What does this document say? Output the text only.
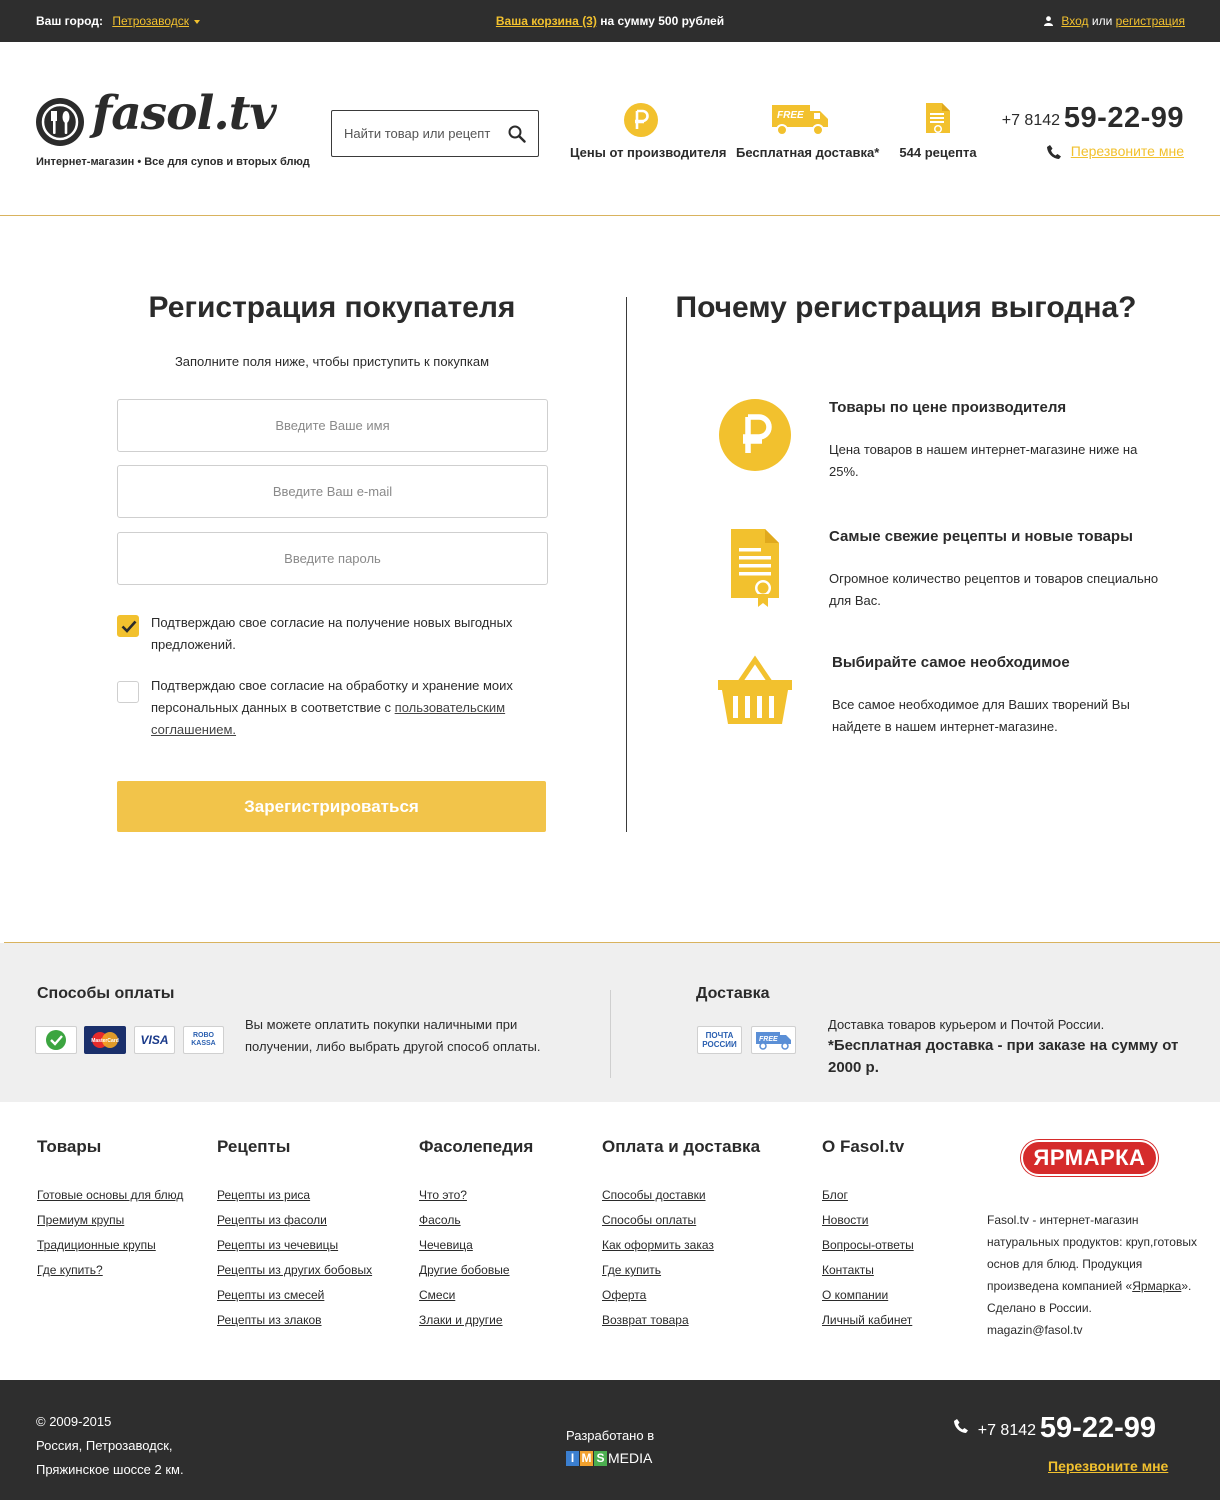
Ваш город: Петрозаводск	Ваша корзина (3) на сумму 500 рублей	Вход или регистрация
fasol.tv
Интернет-магазин • Все для супов и вторых блюд
Найти товар или рецепт
Цены от производителя
FREE
Бесплатная доставка* 544 рецепта
+7 8142 59-22-99
Перезвоните мне
Регистрация покупателя
Заполните поля ниже, чтобы приступить к покупкам
Введите Ваше имя
Введите Ваш e-mail
Подтверждаю свое согласие на получение новых выгодных предложений.
Подтверждаю свое согласие на обработку и хранение моих персональных данных в соответствие с пользовательским соглашением.
Зарегистрироваться
Почему регистрация выгодна?
Товары по цене производителя
Цена товаров в нашем интернет-магазине ниже на 25%.
Самые свежие рецепты и новые товары
Огромное количество рецептов и товаров специально для Вас.
Выбирайте самое необходимое
Все самое необходимое для Ваших творений Вы найдете в нашем интернет-магазине.
Способы оплаты
MasterCard	VISA	ROBO KASSA
Вы можете оплатить покупки наличными при получении, либо выбрать другой способ оплаты.
Доставка
ПОЧТА РОССИИ
FREE
Доставка товаров курьером и Почтой России.
*Бесплатная доставка - при заказе на сумму от 2000 р.
Товары
Готовые основы для блюд
Премиум крупы
Традиционные крупы
Где купить?
Рецепты
Рецепты из риса
Рецепты из фасоли
Рецепты из чечевицы
Рецепты из других бобовых
Рецепты из смесей
Рецепты из злаков
Фасолепедия
Что это?
Фасоль
Чечевица
Другие бобовые
Смеси
Злаки и другие
Оплата и доставка
Способы доставки
Способы оплаты
Как оформить заказ
Где купить
Оферта
Возврат товара
О Fasol.tv
Блог
Новости
Вопросы-ответы
Контакты
О компании
Личный кабинет
ЯРМАРКА
Fasol.tv - интернет-магазин натуральных продуктов: круп,готовых основ для блюд. Продукция произведена компанией «Ярмарка». Сделано в России.
magazin@fasol.tv
© 2009-2015
Россия, Петрозаводск,
Пряжинское шоссе 2 км.
Разработано в
I M S MEDIA
+7 8142 59-22-99
Перезвоните мне
